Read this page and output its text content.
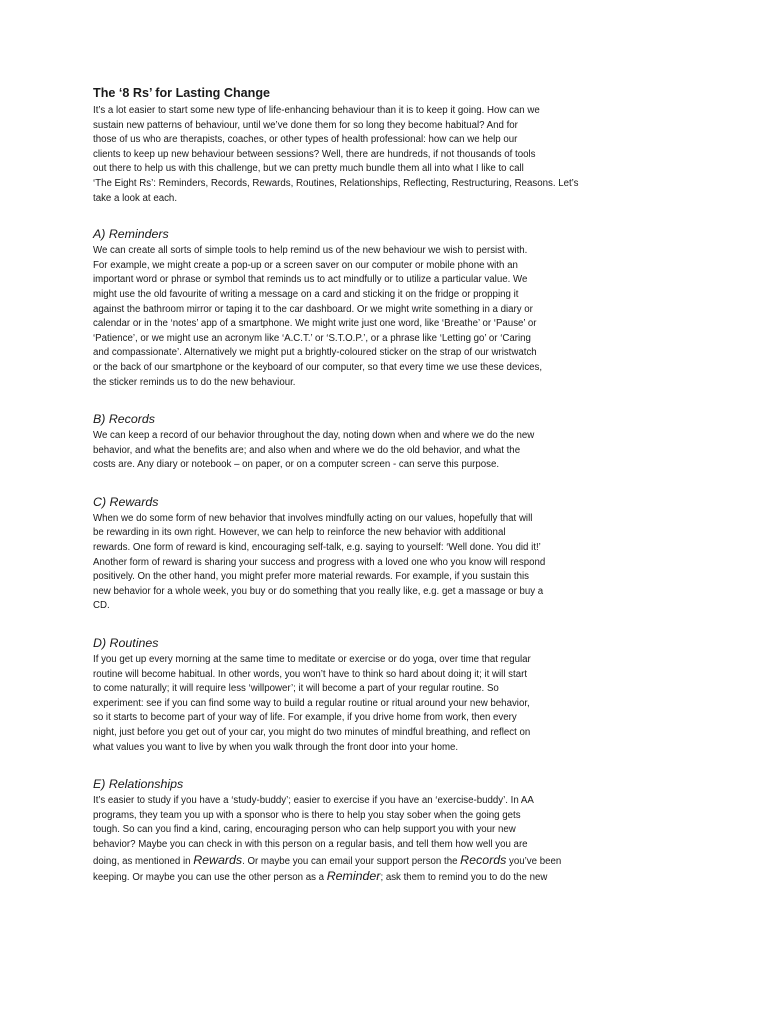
The ‘8 Rs’ for Lasting Change

It’s a lot easier to start some new type of life-enhancing behaviour than it is to keep it going. How can we
sustain new patterns of behaviour, until we’ve done them for so long they become habitual? And for
those of us who are therapists, coaches, or other types of health professional: how can we help our
clients to keep up new behaviour between sessions? Well, there are hundreds, if not thousands of tools
out there to help us with this challenge, but we can pretty much bundle them all into what I like to call
‘The Eight Rs’: Reminders, Records, Rewards, Routines, Relationships, Reflecting, Restructuring, Reasons. Let’s
take a look at each.

A) Reminders

We can create all sorts of simple tools to help remind us of the new behaviour we wish to persist with.
For example, we might create a pop-up or a screen saver on our computer or mobile phone with an
important word or phrase or symbol that reminds us to act mindfully or to utilize a particular value. We
might use the old favourite of writing a message on a card and sticking it on the fridge or propping it
against the bathroom mirror or taping it to the car dashboard. Or we might write something in a diary or
calendar or in the ‘notes’ app of a smartphone. We might write just one word, like ‘Breathe’ or ‘Pause’ or
‘Patience’, or we might use an acronym like ‘A.C.T.’ or ‘S.T.O.P.’, or a phrase like ‘Letting go’ or ‘Caring
and compassionate’. Alternatively we might put a brightly-coloured sticker on the strap of our wristwatch
or the back of our smartphone or the keyboard of our computer, so that every time we use these devices,
the sticker reminds us to do the new behaviour.

B) Records

We can keep a record of our behavior throughout the day, noting down when and where we do the new
behavior, and what the benefits are; and also when and where we do the old behavior, and what the
costs are. Any diary or notebook – on paper, or on a computer screen - can serve this purpose.

C) Rewards

When we do some form of new behavior that involves mindfully acting on our values, hopefully that will
be rewarding in its own right. However, we can help to reinforce the new behavior with additional
rewards. One form of reward is kind, encouraging self-talk, e.g. saying to yourself: ‘Well done. You did it!’
Another form of reward is sharing your success and progress with a loved one who you know will respond
positively. On the other hand, you might prefer more material rewards. For example, if you sustain this
new behavior for a whole week, you buy or do something that you really like, e.g. get a massage or buy a
CD.

D) Routines

If you get up every morning at the same time to meditate or exercise or do yoga, over time that regular
routine will become habitual. In other words, you won’t have to think so hard about doing it; it will start
to come naturally; it will require less ‘willpower’; it will become a part of your regular routine. So
experiment: see if you can find some way to build a regular routine or ritual around your new behavior,
so it starts to become part of your way of life. For example, if you drive home from work, then every
night, just before you get out of your car, you might do two minutes of mindful breathing, and reflect on
what values you want to live by when you walk through the front door into your home.

E) Relationships

It’s easier to study if you have a ‘study-buddy’; easier to exercise if you have an ‘exercise-buddy’. In AA
programs, they team you up with a sponsor who is there to help you stay sober when the going gets
tough. So can you find a kind, caring, encouraging person who can help support you with your new
behavior? Maybe you can check in with this person on a regular basis, and tell them how well you are
doing, as mentioned in Rewards. Or maybe you can email your support person the Records you’ve been
keeping. Or maybe you can use the other person as a Reminder; ask them to remind you to do the new
